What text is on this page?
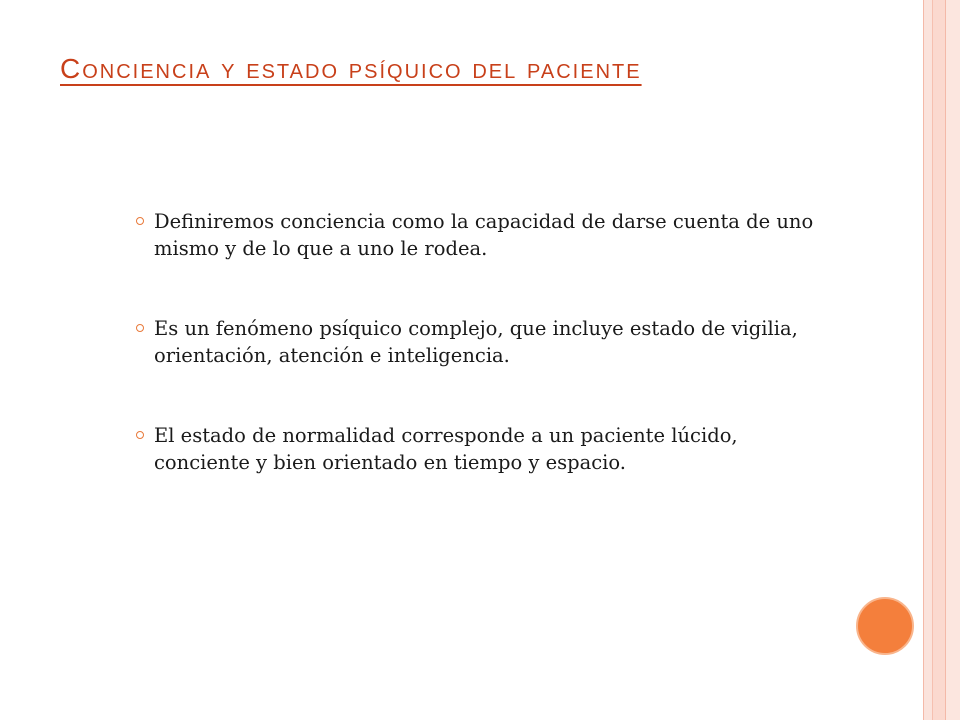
Conciencia y estado psíquico del paciente
Definiremos conciencia como la capacidad de darse cuenta de uno mismo y de lo que a uno le rodea.
Es un fenómeno psíquico complejo, que incluye estado de vigilia, orientación, atención e inteligencia.
El estado de normalidad corresponde a un paciente lúcido, conciente y bien orientado en tiempo y espacio.
